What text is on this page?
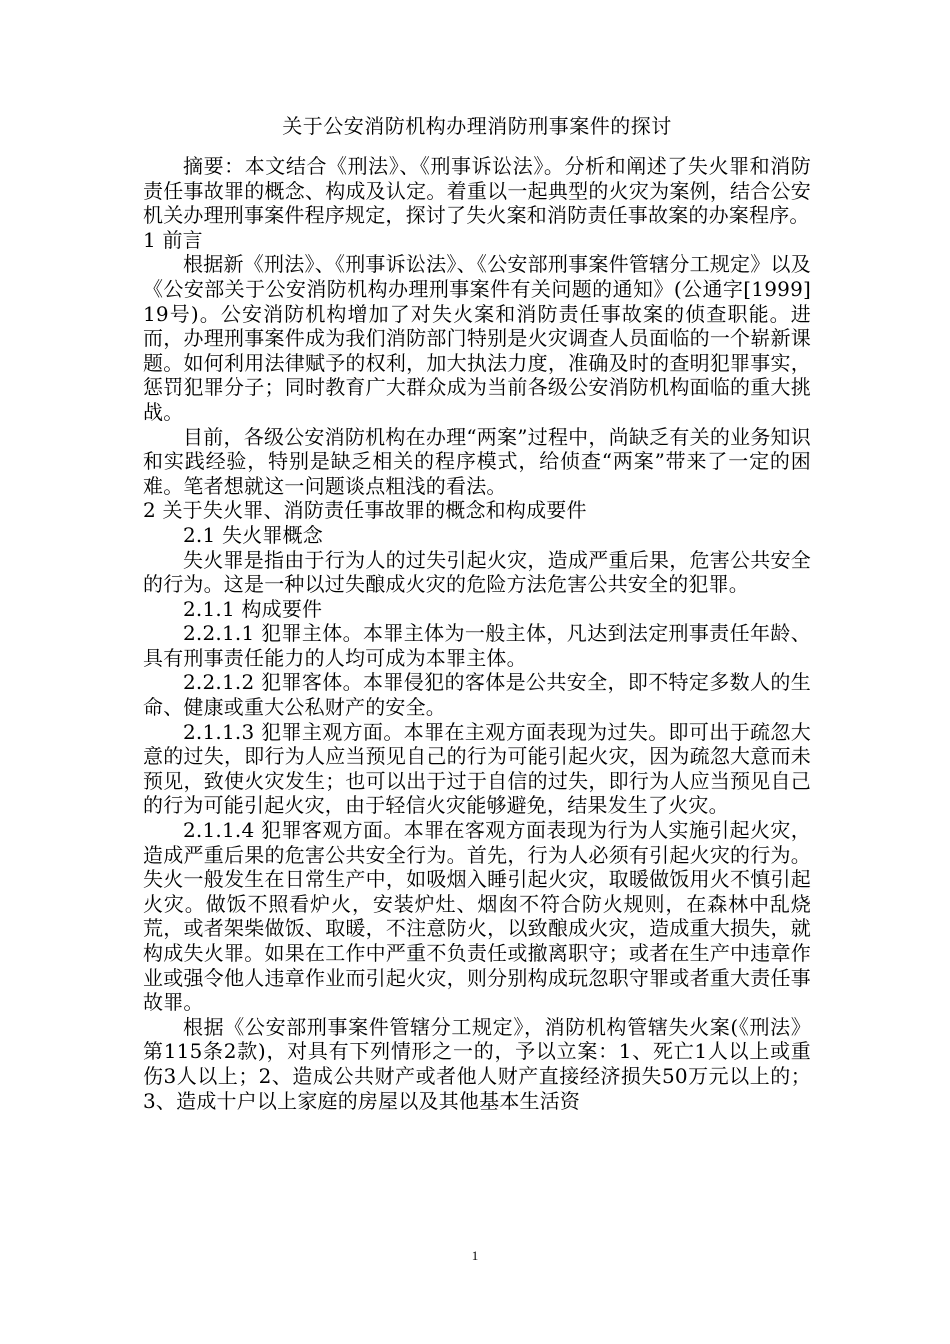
关于公安消防机构办理消防刑事案件的探讨

摘要：本文结合《刑法》、《刑事诉讼法》。分析和阐述了失火罪和消防责任事故罪的概念、构成及认定。着重以一起典型的火灾为案例，结合公安机关办理刑事案件程序规定，探讨了失火案和消防责任事故案的办案程序。

1 前言

根据新《刑法》、《刑事诉讼法》、《公安部刑事案件管辖分工规定》以及《公安部关于公安消防机构办理刑事案件有关问题的通知》(公通字[1999]19号)。公安消防机构增加了对失火案和消防责任事故案的侦查职能。进而，办理刑事案件成为我们消防部门特别是火灾调查人员面临的一个崭新课题。如何利用法律赋予的权利，加大执法力度，准确及时的查明犯罪事实，惩罚犯罪分子；同时教育广大群众成为当前各级公安消防机构面临的重大挑战。

目前，各级公安消防机构在办理“两案”过程中，尚缺乏有关的业务知识和实践经验，特别是缺乏相关的程序模式，给侦查“两案”带来了一定的困难。笔者想就这一问题谈点粗浅的看法。

2 关于失火罪、消防责任事故罪的概念和构成要件

2.1 失火罪概念

失火罪是指由于行为人的过失引起火灾，造成严重后果，危害公共安全的行为。这是一种以过失酿成火灾的危险方法危害公共安全的犯罪。

2.1.1 构成要件

2.2.1.1 犯罪主体。本罪主体为一般主体，凡达到法定刑事责任年龄、具有刑事责任能力的人均可成为本罪主体。

2.2.1.2 犯罪客体。本罪侵犯的客体是公共安全，即不特定多数人的生命、健康或重大公私财产的安全。

2.1.1.3 犯罪主观方面。本罪在主观方面表现为过失。即可出于疏忽大意的过失，即行为人应当预见自己的行为可能引起火灾，因为疏忽大意而未预见，致使火灾发生；也可以出于过于自信的过失，即行为人应当预见自己的行为可能引起火灾，由于轻信火灾能够避免，结果发生了火灾。

2.1.1.4 犯罪客观方面。本罪在客观方面表现为行为人实施引起火灾，造成严重后果的危害公共安全行为。首先，行为人必须有引起火灾的行为。失火一般发生在日常生产中，如吸烟入睡引起火灾，取暖做饭用火不慎引起火灾。做饭不照看炉火，安装炉灶、烟囱不符合防火规则，在森林中乱烧荒，或者架柴做饭、取暖，不注意防火，以致酿成火灾，造成重大损失，就构成失火罪。如果在工作中严重不负责任或撤离职守；或者在生产中违章作业或强令他人违章作业而引起火灾，则分别构成玩忽职守罪或者重大责任事故罪。

根据《公安部刑事案件管辖分工规定》，消防机构管辖失火案(《刑法》第115条2款)，对具有下列情形之一的，予以立案：1、死亡1人以上或重伤3人以上；2、造成公共财产或者他人财产直接经济损失50万元以上的；3、造成十户以上家庭的房屋以及其他基本生活资

1
